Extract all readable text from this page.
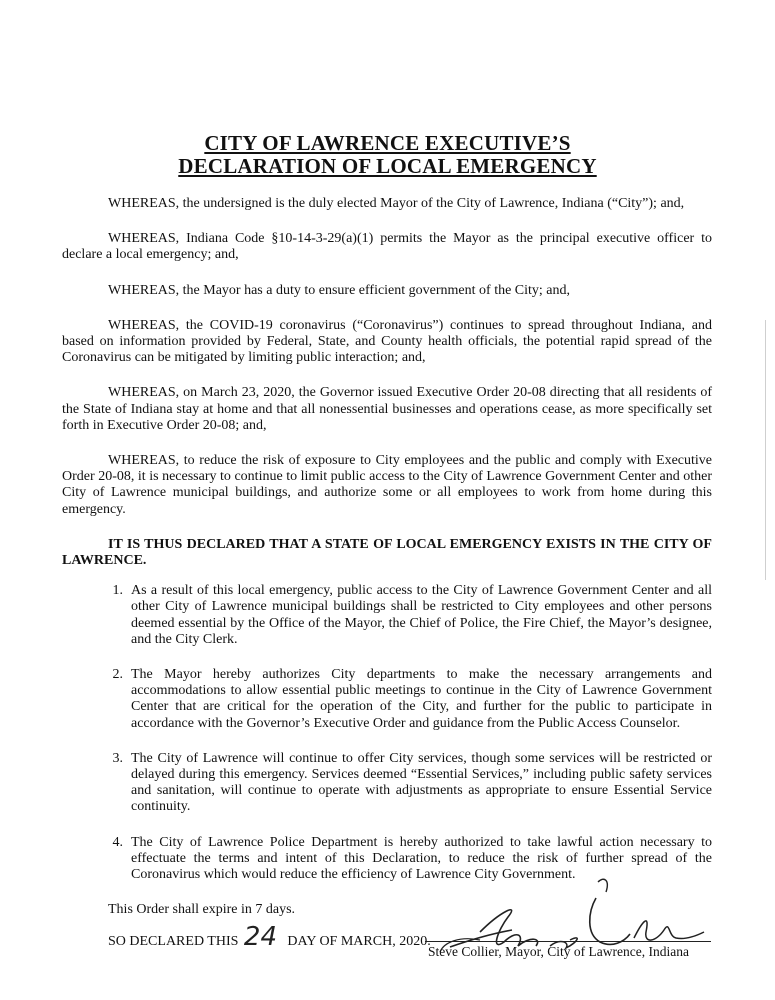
CITY OF LAWRENCE EXECUTIVE’S
DECLARATION OF LOCAL EMERGENCY

WHEREAS, the undersigned is the duly elected Mayor of the City of Lawrence, Indiana (“City”); and,

WHEREAS, Indiana Code §10-14-3-29(a)(1) permits the Mayor as the principal executive officer to declare a local emergency; and,

WHEREAS, the Mayor has a duty to ensure efficient government of the City; and,

WHEREAS, the COVID-19 coronavirus (“Coronavirus”) continues to spread throughout Indiana, and based on information provided by Federal, State, and County health officials, the potential rapid spread of the Coronavirus can be mitigated by limiting public interaction; and,

WHEREAS, on March 23, 2020, the Governor issued Executive Order 20-08 directing that all residents of the State of Indiana stay at home and that all nonessential businesses and operations cease, as more specifically set forth in Executive Order 20-08; and,

WHEREAS, to reduce the risk of exposure to City employees and the public and comply with Executive Order 20-08, it is necessary to continue to limit public access to the City of Lawrence Government Center and other City of Lawrence municipal buildings, and authorize some or all employees to work from home during this emergency.

IT IS THUS DECLARED THAT A STATE OF LOCAL EMERGENCY EXISTS IN THE CITY OF LAWRENCE.

1. As a result of this local emergency, public access to the City of Lawrence Government Center and all other City of Lawrence municipal buildings shall be restricted to City employees and other persons deemed essential by the Office of the Mayor, the Chief of Police, the Fire Chief, the Mayor’s designee, and the City Clerk.
2. The Mayor hereby authorizes City departments to make the necessary arrangements and accommodations to allow essential public meetings to continue in the City of Lawrence Government Center that are critical for the operation of the City, and further for the public to participate in accordance with the Governor’s Executive Order and guidance from the Public Access Counselor.
3. The City of Lawrence will continue to offer City services, though some services will be restricted or delayed during this emergency. Services deemed “Essential Services,” including public safety services and sanitation, will continue to operate with adjustments as appropriate to ensure Essential Service continuity.
4. The City of Lawrence Police Department is hereby authorized to take lawful action necessary to effectuate the terms and intent of this Declaration, to reduce the risk of further spread of the Coronavirus which would reduce the efficiency of Lawrence City Government.

This Order shall expire in 7 days.

SO DECLARED THIS 24 DAY OF MARCH, 2020.

Steve Collier, Mayor, City of Lawrence, Indiana
